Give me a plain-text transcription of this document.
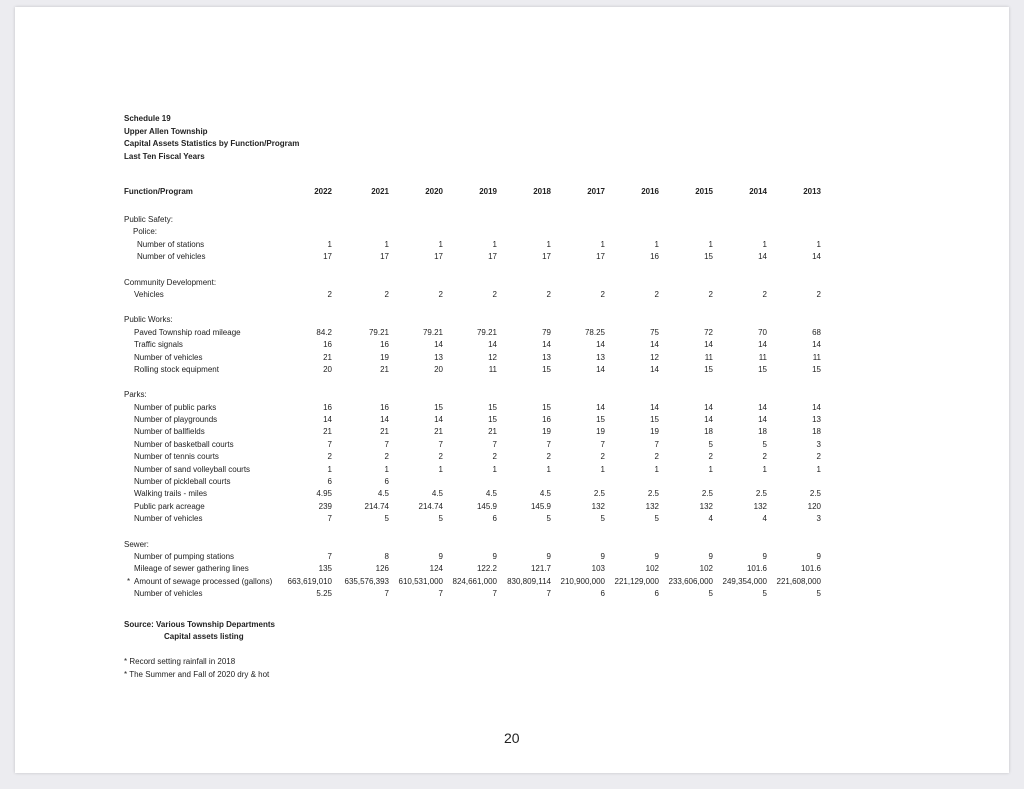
Schedule 19
Upper Allen Township
Capital Assets Statistics by Function/Program
Last Ten Fiscal Years
Function/Program	2022	2021	2020	2019	2018	2017	2016	2015	2014	2013
Public Safety:
Police:
Number of stations	1	1	1	1	1	1	1	1	1	1
Number of vehicles	17	17	17	17	17	17	16	15	14	14
Community Development:
Vehicles	2	2	2	2	2	2	2	2	2	2
Public Works:
Paved Township road mileage	84.2	79.21	79.21	79.21	79	78.25	75	72	70	68
Traffic signals	16	16	14	14	14	14	14	14	14	14
Number of vehicles	21	19	13	12	13	13	12	11	11	11
Rolling stock equipment	20	21	20	11	15	14	14	15	15	15
Parks:
Number of public parks	16	16	15	15	15	14	14	14	14	14
Number of playgrounds	14	14	14	15	16	15	15	14	14	13
Number of ballfields	21	21	21	21	19	19	19	18	18	18
Number of basketball courts	7	7	7	7	7	7	7	5	5	3
Number of tennis courts	2	2	2	2	2	2	2	2	2	2
Number of sand volleyball courts	1	1	1	1	1	1	1	1	1	1
Number of pickleball courts	6	6
Walking trails - miles	4.95	4.5	4.5	4.5	4.5	2.5	2.5	2.5	2.5	2.5
Public park acreage	239	214.74	214.74	145.9	145.9	132	132	132	132	120
Number of vehicles	7	5	5	6	5	5	5	4	4	3
Sewer:
Number of pumping stations	7	8	9	9	9	9	9	9	9	9
Mileage of sewer gathering lines	135	126	124	122.2	121.7	103	102	102	101.6	101.6
* Amount of sewage processed (gallons)	663,619,010	635,576,393	610,531,000	824,661,000	830,809,114	210,900,000	221,129,000	233,606,000	249,354,000	221,608,000
Number of vehicles	5.25	7	7	7	7	6	6	5	5	5
Source: Various Township Departments
Capital assets listing
* Record setting rainfall in 2018
* The Summer and Fall of 2020 dry & hot
20
